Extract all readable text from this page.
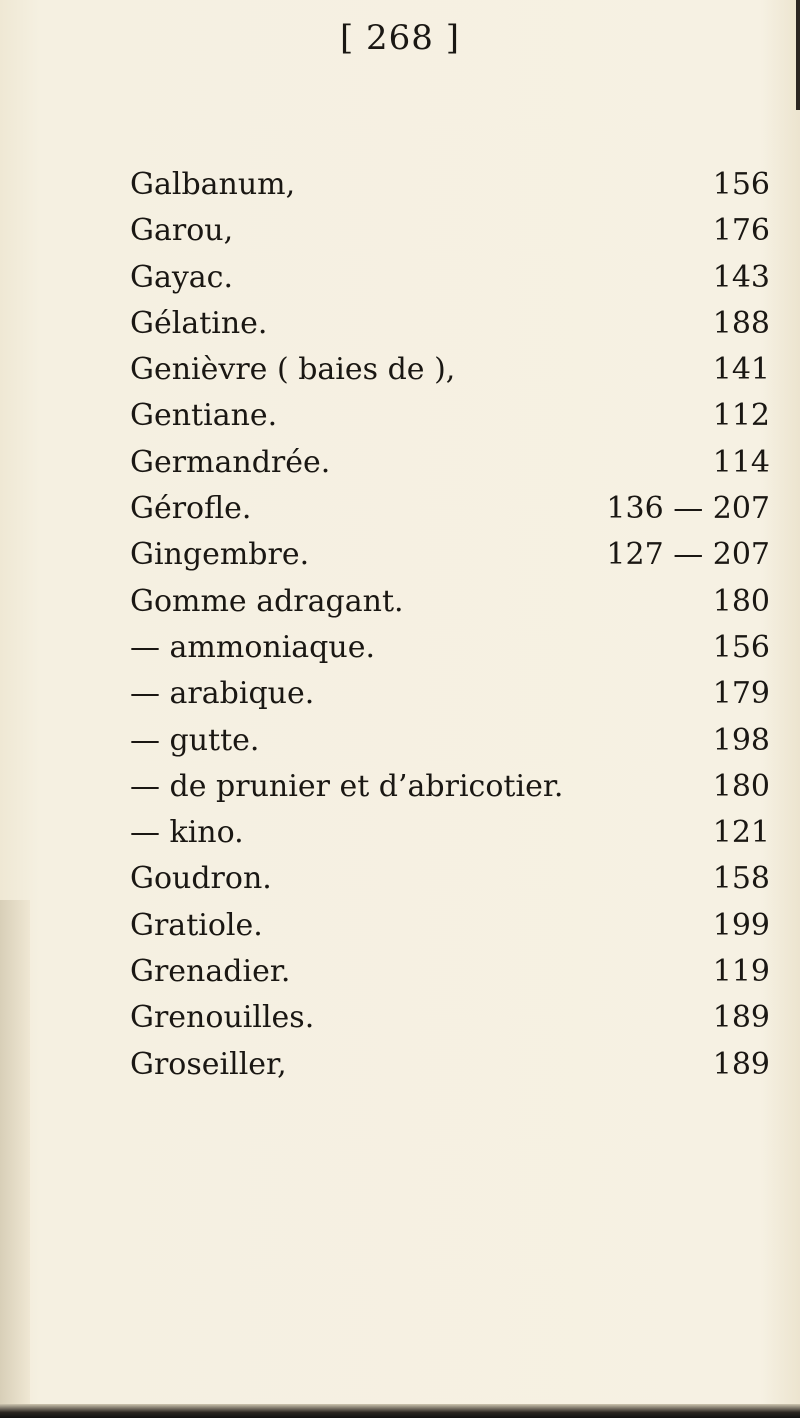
[ 268 ]
Galbanum,	156
Garou,	176
Gayac.	143
Gélatine.	188
Genièvre ( baies de ),	141
Gentiane.	112
Germandrée.	114
Gérofle.	136 — 207
Gingembre.	127 — 207
Gomme adragant.	180
— ammoniaque.	156
— arabique.	179
— gutte.	198
— de prunier et d’abricotier.	180
— kino.	121
Goudron.	158
Gratiole.	199
Grenadier.	119
Grenouilles.	189
Groseiller,	189
